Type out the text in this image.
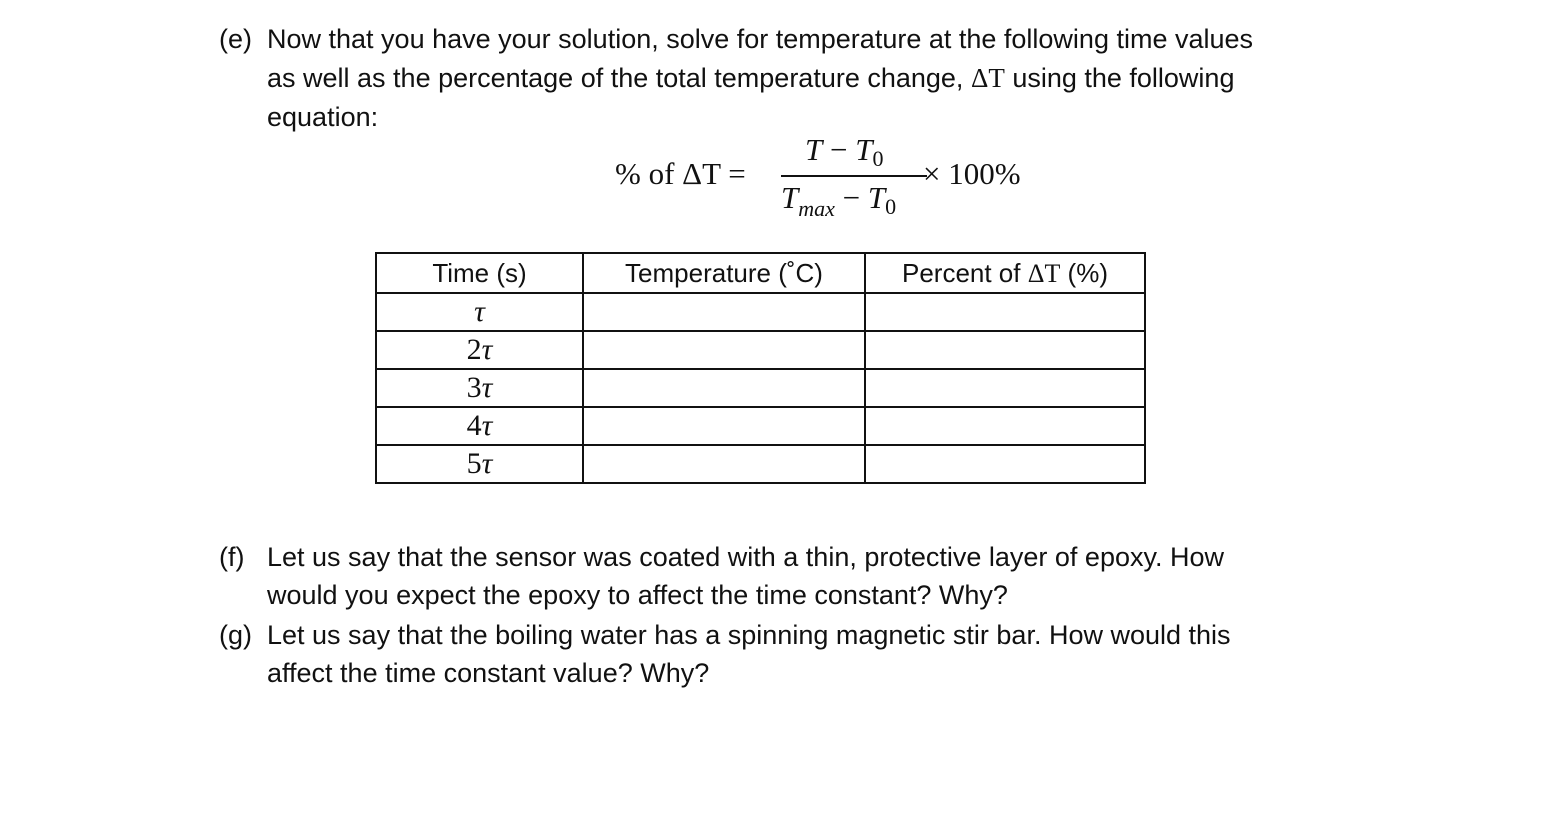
(e) Now that you have your solution, solve for temperature at the following time values
as well as the percentage of the total temperature change, ΔT using the following
equation:
% of ΔT =
$T - T_0$
$T_{max} - T_0$
× 100%
Time (s)	Temperature (˚C)	Percent of ΔT (%)
τ		
2τ		
3τ		
4τ		
5τ		
(f) Let us say that the sensor was coated with a thin, protective layer of epoxy. How
would you expect the epoxy to affect the time constant? Why?
(g) Let us say that the boiling water has a spinning magnetic stir bar. How would this
affect the time constant value? Why?
